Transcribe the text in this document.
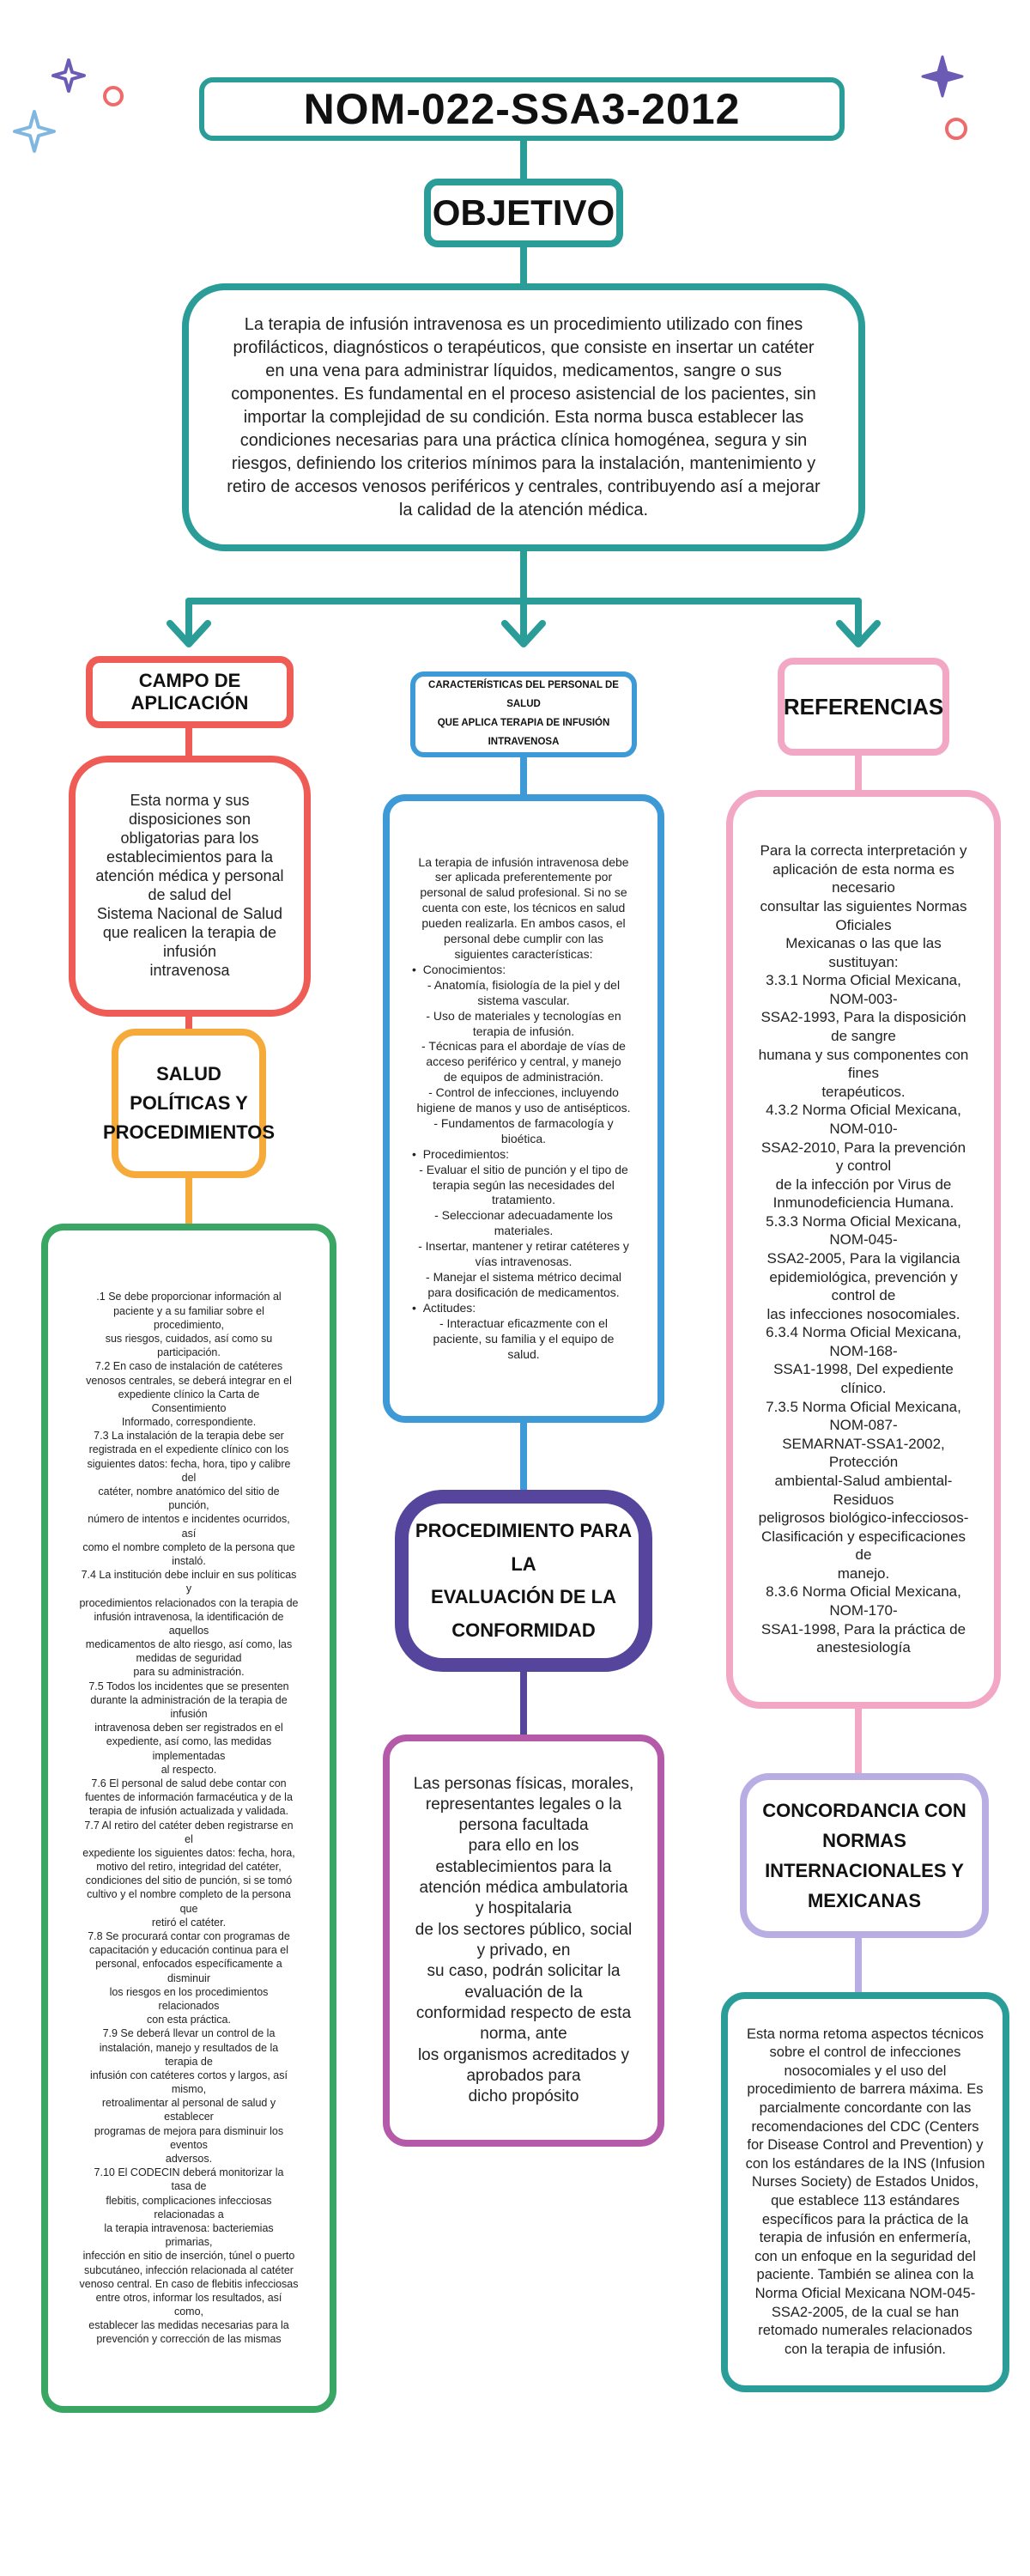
NOM-022-SSA3-2012
OBJETIVO
La terapia de infusión intravenosa es un procedimiento utilizado con fines profilácticos, diagnósticos o terapéuticos, que consiste en insertar un catéter en una vena para administrar líquidos, medicamentos, sangre o sus componentes. Es fundamental en el proceso asistencial de los pacientes, sin importar la complejidad de su condición. Esta norma busca establecer las condiciones necesarias para una práctica clínica homogénea, segura y sin riesgos, definiendo los criterios mínimos para la instalación, mantenimiento y retiro de accesos venosos periféricos y centrales, contribuyendo así a mejorar la calidad de la atención médica.
CAMPO DE APLICACIÓN
Esta norma y sus
disposiciones son
obligatorias para los
establecimientos para la
atención médica y personal
de salud del
Sistema Nacional de Salud
que realicen la terapia de
infusión
intravenosa
SALUD
POLÍTICAS Y
PROCEDIMIENTOS
.1 Se debe proporcionar información al
paciente y a su familiar sobre el
procedimiento,
sus riesgos, cuidados, así como su
participación.
7.2 En caso de instalación de catéteres
venosos centrales, se deberá integrar en el
expediente clínico la Carta de
Consentimiento
Informado, correspondiente.
7.3 La instalación de la terapia debe ser
registrada en el expediente clínico con los
siguientes datos: fecha, hora, tipo y calibre
del
catéter, nombre anatómico del sitio de
punción,
número de intentos e incidentes ocurridos,
así
como el nombre completo de la persona que
instaló.
7.4 La institución debe incluir en sus políticas
y
procedimientos relacionados con la terapia de
infusión intravenosa, la identificación de
aquellos
medicamentos de alto riesgo, así como, las
medidas de seguridad
para su administración.
7.5 Todos los incidentes que se presenten
durante la administración de la terapia de
infusión
intravenosa deben ser registrados en el
expediente, así como, las medidas
implementadas
al respecto.
7.6 El personal de salud debe contar con
fuentes de información farmacéutica y de la
terapia de infusión actualizada y validada.
7.7 Al retiro del catéter deben registrarse en
el
expediente los siguientes datos: fecha, hora,
motivo del retiro, integridad del catéter,
condiciones del sitio de punción, si se tomó
cultivo y el nombre completo de la persona
que
retiró el catéter.
7.8 Se procurará contar con programas de
capacitación y educación continua para el
personal, enfocados específicamente a
disminuir
los riesgos en los procedimientos
relacionados
con esta práctica.
7.9 Se deberá llevar un control de la
instalación, manejo y resultados de la
terapia de
infusión con catéteres cortos y largos, así
mismo,
retroalimentar al personal de salud y
establecer
programas de mejora para disminuir los
eventos
adversos.
7.10 El CODECIN deberá monitorizar la
tasa de
flebitis, complicaciones infecciosas
relacionadas a
la terapia intravenosa: bacteriemias
primarias,
infección en sitio de inserción, túnel o puerto
subcutáneo, infección relacionada al catéter
venoso central. En caso de flebitis infecciosas
entre otros, informar los resultados, así
como,
establecer las medidas necesarias para la
prevención y corrección de las mismas
CARACTERÍSTICAS DEL PERSONAL DE SALUD
QUE APLICA TERAPIA DE INFUSIÓN
INTRAVENOSA
La terapia de infusión intravenosa debe
ser aplicada preferentemente por
personal de salud profesional. Si no se
cuenta con este, los técnicos en salud
pueden realizarla. En ambos casos, el
personal debe cumplir con las
siguientes características:
•  Conocimientos:
- Anatomía, fisiología de la piel y del
sistema vascular.
- Uso de materiales y tecnologías en
terapia de infusión.
- Técnicas para el abordaje de vías de
acceso periférico y central, y manejo
de equipos de administración.
- Control de infecciones, incluyendo
higiene de manos y uso de antisépticos.
- Fundamentos de farmacología y
bioética.
•  Procedimientos:
- Evaluar el sitio de punción y el tipo de
terapia según las necesidades del
tratamiento.
- Seleccionar adecuadamente los
materiales.
- Insertar, mantener y retirar catéteres y
vías intravenosas.
- Manejar el sistema métrico decimal
para dosificación de medicamentos.
•  Actitudes:
- Interactuar eficazmente con el
paciente, su familia y el equipo de
salud.
PROCEDIMIENTO PARA LA
EVALUACIÓN DE LA
CONFORMIDAD
Las personas físicas, morales,
representantes legales o la
persona facultada
para ello en los
establecimientos para la
atención médica ambulatoria
y hospitalaria
de los sectores público, social
y privado, en
su caso, podrán solicitar la
evaluación de la
conformidad respecto de esta
norma, ante
los organismos acreditados y
aprobados para
dicho propósito
REFERENCIAS
Para la correcta interpretación y
aplicación de esta norma es
necesario
consultar las siguientes Normas
Oficiales
Mexicanas o las que las
sustituyan:
3.3.1 Norma Oficial Mexicana,
NOM-003-
SSA2-1993, Para la disposición
de sangre
humana y sus componentes con
fines
terapéuticos.
4.3.2 Norma Oficial Mexicana,
NOM-010-
SSA2-2010, Para la prevención
y control
de la infección por Virus de
Inmunodeficiencia Humana.
5.3.3 Norma Oficial Mexicana,
NOM-045-
SSA2-2005, Para la vigilancia
epidemiológica, prevención y
control de
las infecciones nosocomiales.
6.3.4 Norma Oficial Mexicana,
NOM-168-
SSA1-1998, Del expediente
clínico.
7.3.5 Norma Oficial Mexicana,
NOM-087-
SEMARNAT-SSA1-2002,
Protección
ambiental-Salud ambiental-
Residuos
peligrosos biológico-infecciosos-
Clasificación y especificaciones
de
manejo.
8.3.6 Norma Oficial Mexicana,
NOM-170-
SSA1-1998, Para la práctica de
anestesiología
CONCORDANCIA CON
NORMAS
INTERNACIONALES Y
MEXICANAS
Esta norma retoma aspectos técnicos
sobre el control de infecciones
nosocomiales y el uso del
procedimiento de barrera máxima. Es
parcialmente concordante con las
recomendaciones del CDC (Centers
for Disease Control and Prevention) y
con los estándares de la INS (Infusion
Nurses Society) de Estados Unidos,
que establece 113 estándares
específicos para la práctica de la
terapia de infusión en enfermería,
con un enfoque en la seguridad del
paciente. También se alinea con la
Norma Oficial Mexicana NOM-045-
SSA2-2005, de la cual se han
retomado numerales relacionados
con la terapia de infusión.
